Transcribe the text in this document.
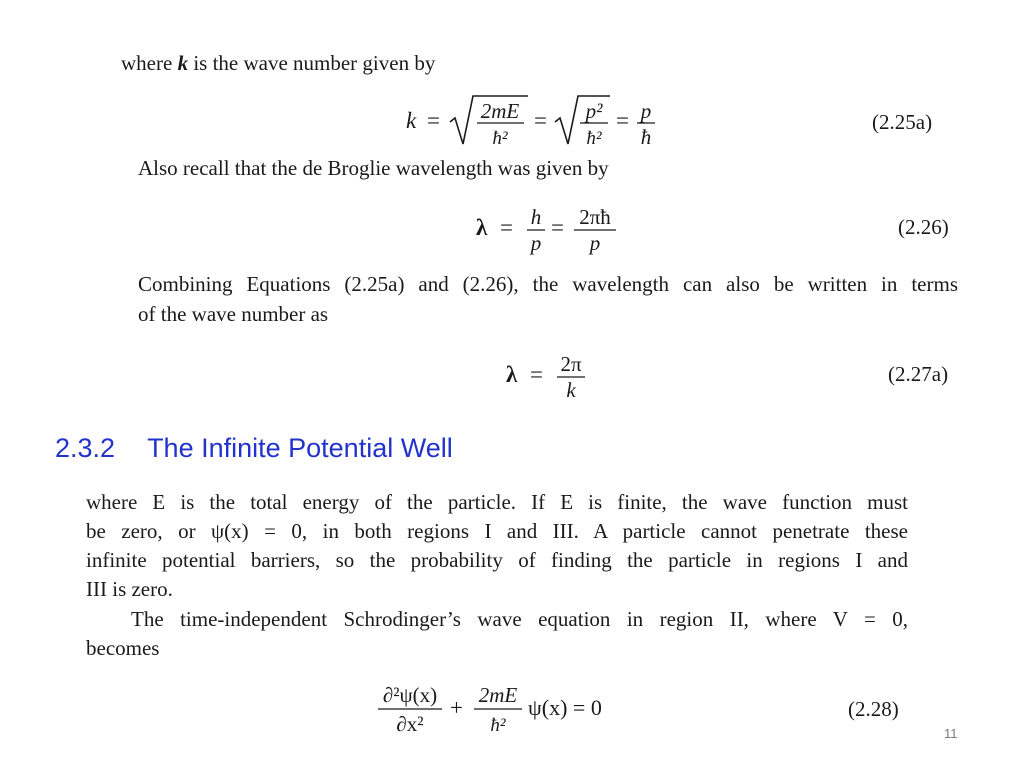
where k is the wave number given by
k = 2mE
ħ²
= p²
ħ²
= p
ħ
(2.25a)
Also recall that the de Broglie wavelength was given by
λ = h
p
= 2πħ
p
(2.26)
Combining Equations (2.25a) and (2.26), the wavelength can also be written in terms
of the wave number as
λ = 2π
k
(2.27a)
2.3.2 The Infinite Potential Well
where E is the total energy of the particle. If E is finite, the wave function must
be zero, or ψ(x) = 0, in both regions I and III. A particle cannot penetrate these
infinite potential barriers, so the probability of finding the particle in regions I and
III is zero.
The time-independent Schrodinger’s wave equation in region II, where V = 0,
becomes
∂²ψ(x)
∂x²
+ 2mE
ħ²
ψ(x) = 0	(2.28)
11
